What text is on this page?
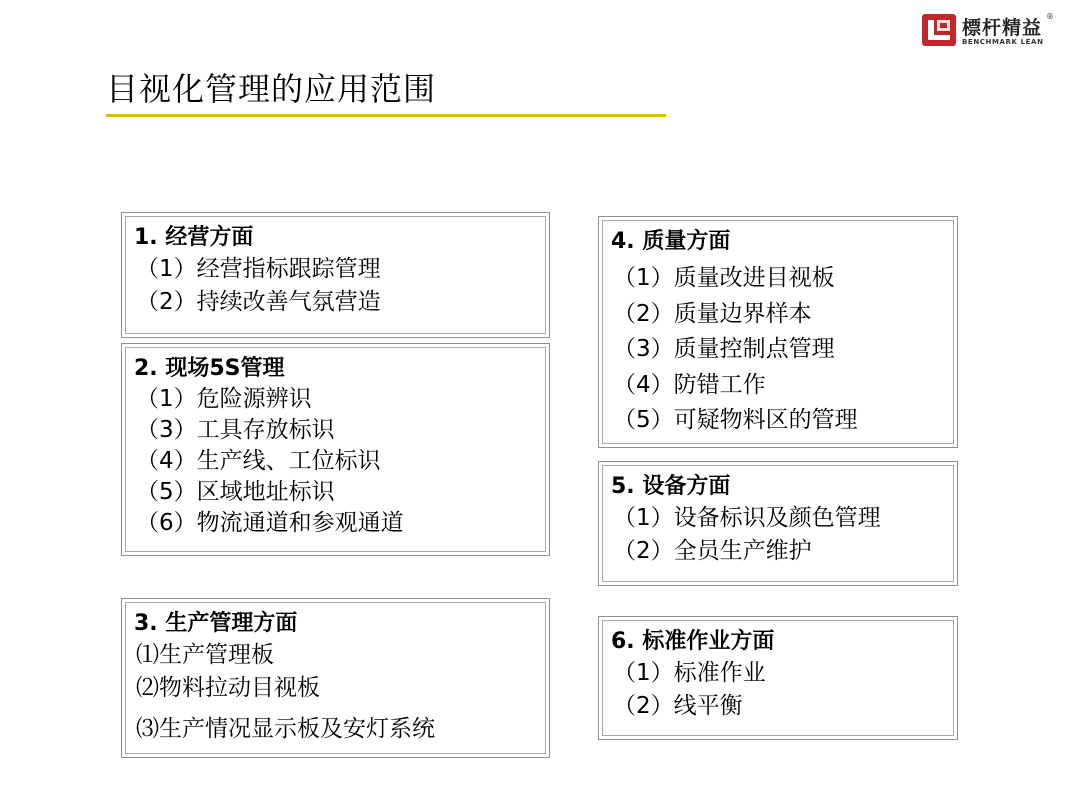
標杆精益
®
BENCHMARK LEAN
目视化管理的应用范围
1. 经营方面
（1）经营指标跟踪管理
（2）持续改善气氛营造
2. 现场5S管理
（1）危险源辨识
（3）工具存放标识
（4）生产线、工位标识
（5）区域地址标识
（6）物流通道和参观通道
3. 生产管理方面
⑴生产管理板
⑵物料拉动目视板
⑶生产情况显示板及安灯系统
4. 质量方面
（1）质量改进目视板
（2）质量边界样本
（3）质量控制点管理
（4）防错工作
（5）可疑物料区的管理
5. 设备方面
（1）设备标识及颜色管理
（2）全员生产维护
6. 标准作业方面
（1）标准作业
（2）线平衡
